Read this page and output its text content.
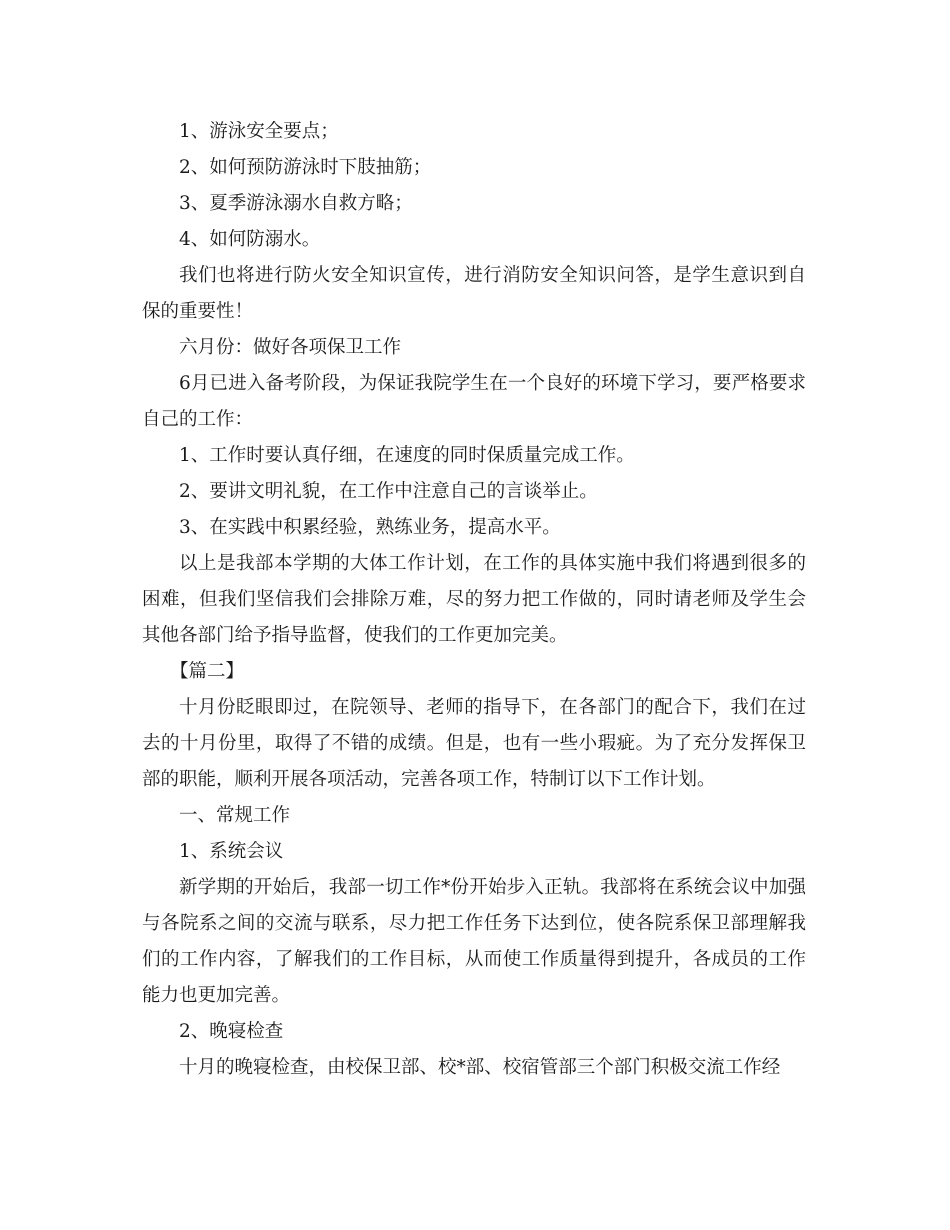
1、游泳安全要点；

2、如何预防游泳时下肢抽筋；

3、夏季游泳溺水自救方略；

4、如何防溺水。

我们也将进行防火安全知识宣传，进行消防安全知识问答，是学生意识到自保的重要性！

六月份：做好各项保卫工作

6月已进入备考阶段，为保证我院学生在一个良好的环境下学习，要严格要求自己的工作：

1、工作时要认真仔细，在速度的同时保质量完成工作。

2、要讲文明礼貌，在工作中注意自己的言谈举止。

3、在实践中积累经验，熟练业务，提高水平。

以上是我部本学期的大体工作计划，在工作的具体实施中我们将遇到很多的困难，但我们坚信我们会排除万难，尽的努力把工作做的，同时请老师及学生会其他各部门给予指导监督，使我们的工作更加完美。

【篇二】

十月份眨眼即过，在院领导、老师的指导下，在各部门的配合下，我们在过去的十月份里，取得了不错的成绩。但是，也有一些小瑕疵。为了充分发挥保卫部的职能，顺利开展各项活动，完善各项工作，特制订以下工作计划。

一、常规工作

1、系统会议

新学期的开始后，我部一切工作*份开始步入正轨。我部将在系统会议中加强与各院系之间的交流与联系，尽力把工作任务下达到位，使各院系保卫部理解我们的工作内容，了解我们的工作目标，从而使工作质量得到提升，各成员的工作能力也更加完善。

2、晚寝检查

十月的晚寝检查，由校保卫部、校*部、校宿管部三个部门积极交流工作经
